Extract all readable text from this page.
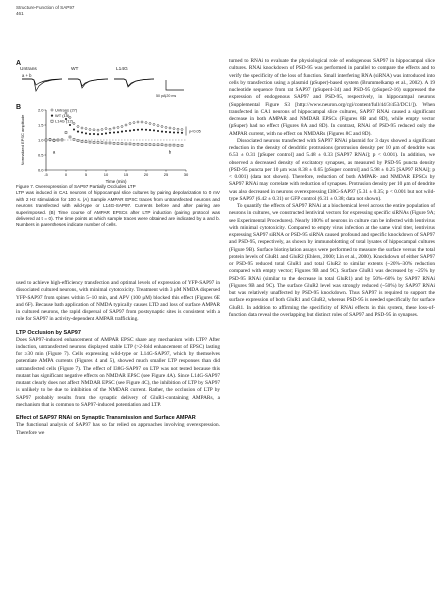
Structure-Function of SAP97
461
A
Untrans	WT	L14G
a + b
50 pA|20 ms
B
-5	0	5	10	15	20	25	30
0.0
0.5
1.0
1.5
2.0
Time (min)
Normalized EPSC amplitude	a	b
p<0.05
Untrans (27)
WT (15)
L14G (12)
Figure 7. Overexpression of SAP97 Partially Occludes LTP
LTP was induced in CA1 neurons of hippocampal slice cultures by pairing depolarization to 0 mV with 2 Hz stimulation for 100 s. (A) Sample AMPAR EPSC traces from untransfected neurons and neurons transfected with wild-type or L14G-SAP97. Currents before and after pairing are superimposed. (B) Time course of AMPAR EPSCs after LTP induction (pairing protocol was delivered at t = 0). The time points at which sample traces were obtained are indicated by a and b. Numbers in parentheses indicate number of cells.

used to achieve high-efficiency transfection and optimal levels of expression of YFP-SAP97 in dissociated cultured neurons, with minimal cytotoxicity. Treatment with 3 μM NMDA dispersed YFP-SAP97 from spines within 5–10 min, and APV (100 μM) blocked this effect (Figures 6E and 6F). Because bath application of NMDA typically causes LTD and loss of surface AMPAR in cultured neurons, the rapid dispersal of SAP97 from postsynaptic sites is consistent with a role for SAP97 in activity-dependent AMPAR trafficking.

LTP Occlusion by SAP97

Does SAP97-induced enhancement of AMPAR EPSC share any mechanism with LTP? After induction, untransfected neurons displayed stable LTP (>2-fold enhancement of EPSC) lasting for ≥30 min (Figure 7). Cells expressing wild-type or L14G-SAP97, which by themselves potentiate AMPA currents (Figures 4 and 5), showed much smaller LTP responses than did untransfected cells (Figure 7). The effect of I38G-SAP97 on LTP was not tested because this mutant has significant negative effects on NMDAR EPSC (see Figure 4A). Since L14G-SAP97 mutant clearly does not affect NMDAR EPSC (see Figure 4C), the inhibition of LTP by SAP97 is unlikely to be due to inhibition of the NMDAR current. Rather, the occlusion of LTP by SAP97 probably results from the synaptic delivery of GluR1-containing AMPARs, a mechanism that is common to SAP97-induced potentiation and LTP.

Effect of SAP97 RNAi on Synaptic Transmission and Surface AMPAR

The functional analysis of SAP97 has so far relied on approaches involving overexpression. Therefore we

turned to RNAi to evaluate the physiological role of endogenous SAP97 in hippocampal slice cultures. RNAi knockdown of PSD-95 was performed in parallel to compare the effects and to verify the specificity of the loss of function. Small interfering RNA (siRNA) was introduced into cells by transfection using a plasmid (pSuper)-based system (Brummelkamp et al., 2002). A 19 nucleotide sequence from rat SAP97 (pSuper4-34) and PSD-95 (pSuper2-16) suppressed the expression of endogenous SAP97 and PSD-95, respectively, in hippocampal neurons (Supplemental Figure S3 [http://www.neuron.org/cgi/content/full/44/3/453/DC1/]). When transfected in CA1 neurons of hippocampal slice cultures, SAP97 RNAi caused a significant decrease in both AMPAR and NMDAR EPSCs (Figures 8B and 8D), while empty vector (pSuper) had no effect (Figures 8A and 8D). In contrast, RNAi of PSD-95 reduced only the AMPAR current, with no effect on NMDARs (Figures 8C and 8D).

Dissociated neurons transfected with SAP97 RNAi plasmid for 3 days showed a significant reduction in the density of dendritic protrusions (protrusion density per 10 μm of dendrite was 6.53 ± 0.31 [pSuper control] and 5.48 ± 0.33 [SAP97 RNAi]; p < 0.001). In addition, we observed a decreased density of excitatory synapses, as measured by PSD-95 puncta density (PSD-95 puncta per 10 μm was 8.38 ± 0.65 [pSuper control] and 5.98 ± 0.25 [SAP97 RNAi]; p < 0.001) (data not shown). Therefore, reduction of both AMPAR- and NMDAR EPSCs by SAP97 RNAi may correlate with reduction of synapses. Protrusion density per 10 μm of dendrite was also decreased in neurons overexpressing I38G-SAP97 (5.31 ± 0.35; p < 0.001 but not wild-type SAP97 (6.42 ± 0.31) or GFP control (6.31 ± 0.38; data not shown).

To quantify the effects of SAP97 RNAi at a biochemical level across the entire population of neurons in cultures, we constructed lentiviral vectors for expressing specific siRNAs (Figure 9A; see Experimental Procedures). Nearly 100% of neurons in culture can be infected with lentivirus with minimal cytotoxicity. Compared to empty virus infection at the same viral titer, lentivirus expressing SAP97 siRNA or PSD-95 siRNA caused profound and specific knockdown of SAP97 and PSD-95, respectively, as shown by immunoblotting of total lysates of hippocampal cultures (Figure 9B). Surface biotinylation assays were performed to measure the surface versus the total protein levels of GluR1 and GluR2 (Ehlers, 2000; Lin et al., 2000). Knockdown of either SAP97 or PSD-95 reduced total GluR1 and total GluR2 to similar extents (~20%–30% reduction compared with empty vector; Figures 9B and 9C). Surface GluR1 was decreased by ~25% by PSD-95 RNAi (similar to the decrease in total GluR1) and by 50%–60% by SAP97 RNAi (Figures 9B and 9C). The surface GluR2 level was strongly reduced (~50%) by SAP97 RNAi but was relatively unaffected by PSD-95 knockdown. Thus SAP97 is required to support the surface expression of both GluR1 and GluR2, whereas PSD-95 is needed specifically for surface GluR1. In addition to affirming the specificity of RNAi effects in this system, these loss-of-function data reveal the overlapping but distinct roles of SAP97 and PSD-95 in synapses.
